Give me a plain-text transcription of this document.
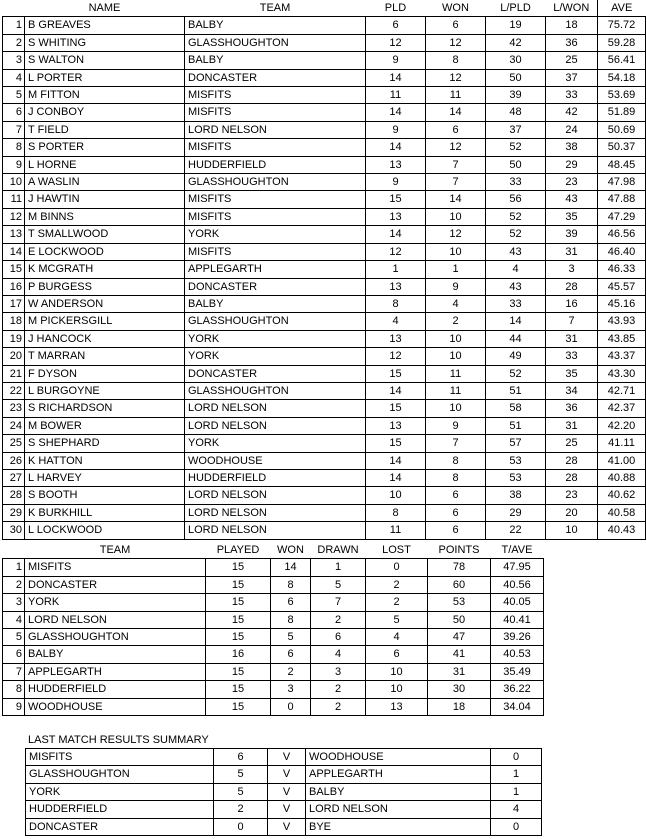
	NAME	TEAM	PLD	WON	L/PLD	L/WON	AVE
1	B GREAVES	BALBY	6	6	19	18	75.72
2	S WHITING	GLASSHOUGHTON	12	12	42	36	59.28
3	S WALTON	BALBY	9	8	30	25	56.41
4	L PORTER	DONCASTER	14	12	50	37	54.18
5	M FITTON	MISFITS	11	11	39	33	53.69
6	J CONBOY	MISFITS	14	14	48	42	51.89
7	T FIELD	LORD NELSON	9	6	37	24	50.69
8	S PORTER	MISFITS	14	12	52	38	50.37
9	L HORNE	HUDDERFIELD	13	7	50	29	48.45
10	A WASLIN	GLASSHOUGHTON	9	7	33	23	47.98
11	J HAWTIN	MISFITS	15	14	56	43	47.88
12	M BINNS	MISFITS	13	10	52	35	47.29
13	T SMALLWOOD	YORK	14	12	52	39	46.56
14	E LOCKWOOD	MISFITS	12	10	43	31	46.40
15	K MCGRATH	APPLEGARTH	1	1	4	3	46.33
16	P BURGESS	DONCASTER	13	9	43	28	45.57
17	W ANDERSON	BALBY	8	4	33	16	45.16
18	M PICKERSGILL	GLASSHOUGHTON	4	2	14	7	43.93
19	J HANCOCK	YORK	13	10	44	31	43.85
20	T MARRAN	YORK	12	10	49	33	43.37
21	F DYSON	DONCASTER	15	11	52	35	43.30
22	L BURGOYNE	GLASSHOUGHTON	14	11	51	34	42.71
23	S RICHARDSON	LORD NELSON	15	10	58	36	42.37
24	M BOWER	LORD NELSON	13	9	51	31	42.20
25	S SHEPHARD	YORK	15	7	57	25	41.11
26	K HATTON	WOODHOUSE	14	8	53	28	41.00
27	L HARVEY	HUDDERFIELD	14	8	53	28	40.88
28	S BOOTH	LORD NELSON	10	6	38	23	40.62
29	K BURKHILL	LORD NELSON	8	6	29	20	40.58
30	L LOCKWOOD	LORD NELSON	11	6	22	10	40.43
	TEAM	PLAYED	WON	DRAWN	LOST	POINTS	T/AVE
1	MISFITS	15	14	1	0	78	47.95
2	DONCASTER	15	8	5	2	60	40.56
3	YORK	15	6	7	2	53	40.05
4	LORD NELSON	15	8	2	5	50	40.41
5	GLASSHOUGHTON	15	5	6	4	47	39.26
6	BALBY	16	6	4	6	41	40.53
7	APPLEGARTH	15	2	3	10	31	35.49
8	HUDDERFIELD	15	3	2	10	30	36.22
9	WOODHOUSE	15	0	2	13	18	34.04
LAST MATCH RESULTS SUMMARY
MISFITS	6	V	WOODHOUSE	0
GLASSHOUGHTON	5	V	APPLEGARTH	1
YORK	5	V	BALBY	1
HUDDERFIELD	2	V	LORD NELSON	4
DONCASTER	0	V	BYE	0
